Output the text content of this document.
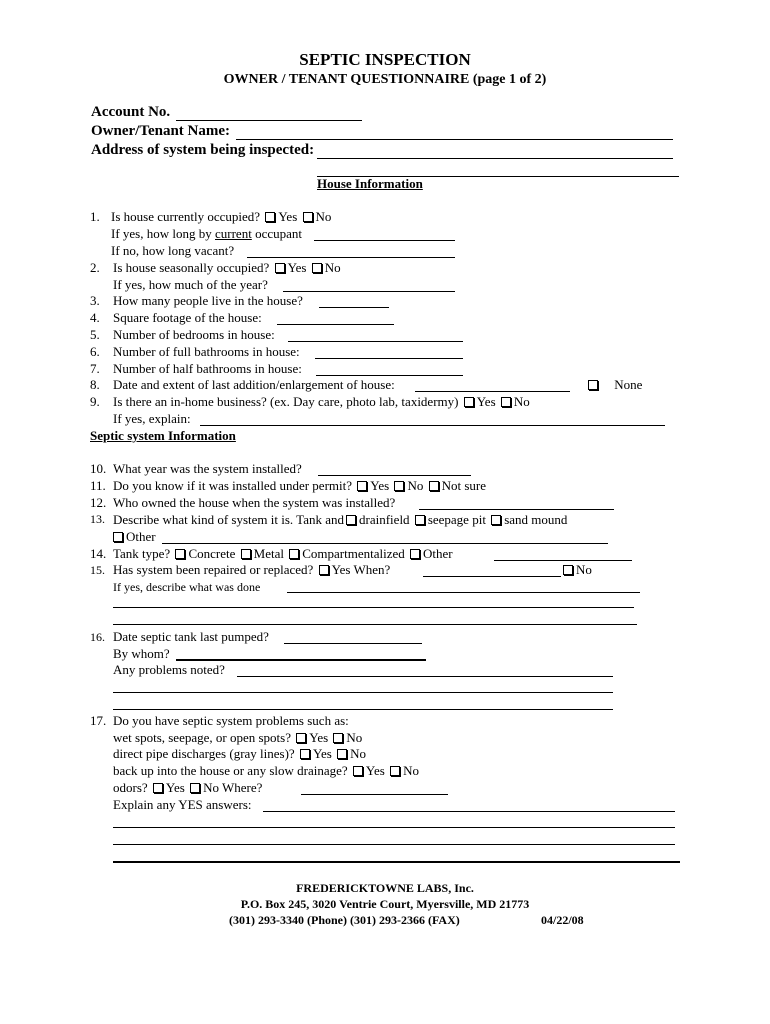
SEPTIC INSPECTION
OWNER / TENANT QUESTIONNAIRE (page 1 of 2)
Account No.
Owner/Tenant Name:
Address of system being inspected:
House Information
1. Is house currently occupied? Yes No
If yes, how long by current occupant
If no, how long vacant?
2. Is house seasonally occupied? Yes No
If yes, how much of the year?
3. How many people live in the house?
4. Square footage of the house:
5. Number of bedrooms in house:
6. Number of full bathrooms in house:
7. Number of half bathrooms in house:
8. Date and extent of last addition/enlargement of house:	None
9. Is there an in-home business? (ex. Day care, photo lab, taxidermy) Yes No
If yes, explain:
Septic system Information
10. What year was the system installed?
11. Do you know if it was installed under permit? Yes No Not sure
12. Who owned the house when the system was installed?
13. Describe what kind of system it is. Tank and drainfield seepage pit sand mound
Other
14. Tank type? Concrete Metal Compartmentalized Other
15. Has system been repaired or replaced? Yes When?	No
If yes, describe what was done
16. Date septic tank last pumped?
By whom?
Any problems noted?
17. Do you have septic system problems such as:
wet spots, seepage, or open spots? Yes No
direct pipe discharges (gray lines)? Yes No
back up into the house or any slow drainage? Yes No
odors? Yes No Where?
Explain any YES answers:
FREDERICKTOWNE LABS, Inc.
P.O. Box 245, 3020 Ventrie Court, Myersville, MD 21773
(301) 293-3340 (Phone) (301) 293-2366 (FAX)	04/22/08
